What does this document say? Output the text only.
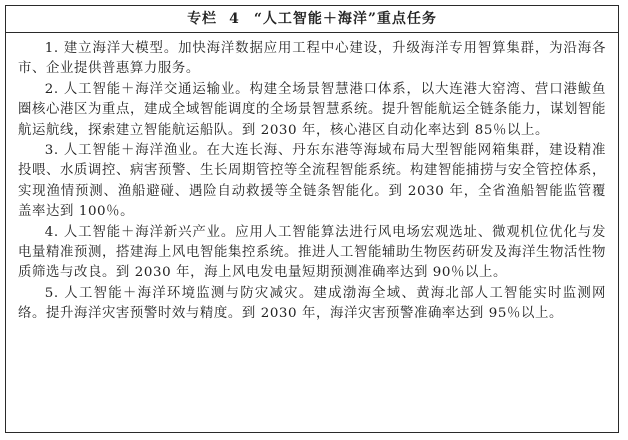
专栏 4 “人工智能＋海洋”重点任务

1. 建立海洋大模型。加快海洋数据应用工程中心建设，升级海洋专用智算集群，为沿海各市、企业提供普惠算力服务。

2. 人工智能＋海洋交通运输业。构建全场景智慧港口体系，以大连港大窑湾、营口港鲅鱼圈核心港区为重点，建成全域智能调度的全场景智慧系统。提升智能航运全链条能力，谋划智能航运航线，探索建立智能航运船队。到 2030 年，核心港区自动化率达到 85％以上。

3. 人工智能＋海洋渔业。在大连长海、丹东东港等海域布局大型智能网箱集群，建设精准投喂、水质调控、病害预警、生长周期管控等全流程智能系统。构建智能捕捞与安全管控体系，实现渔情预测、渔船避碰、遇险自动救援等全链条智能化。到 2030 年，全省渔船智能监管覆盖率达到 100％。

4. 人工智能＋海洋新兴产业。应用人工智能算法进行风电场宏观选址、微观机位优化与发电量精准预测，搭建海上风电智能集控系统。推进人工智能辅助生物医药研发及海洋生物活性物质筛选与改良。到 2030 年，海上风电发电量短期预测准确率达到 90％以上。

5. 人工智能＋海洋环境监测与防灾减灾。建成渤海全域、黄海北部人工智能实时监测网络。提升海洋灾害预警时效与精度。到 2030 年，海洋灾害预警准确率达到 95％以上。
